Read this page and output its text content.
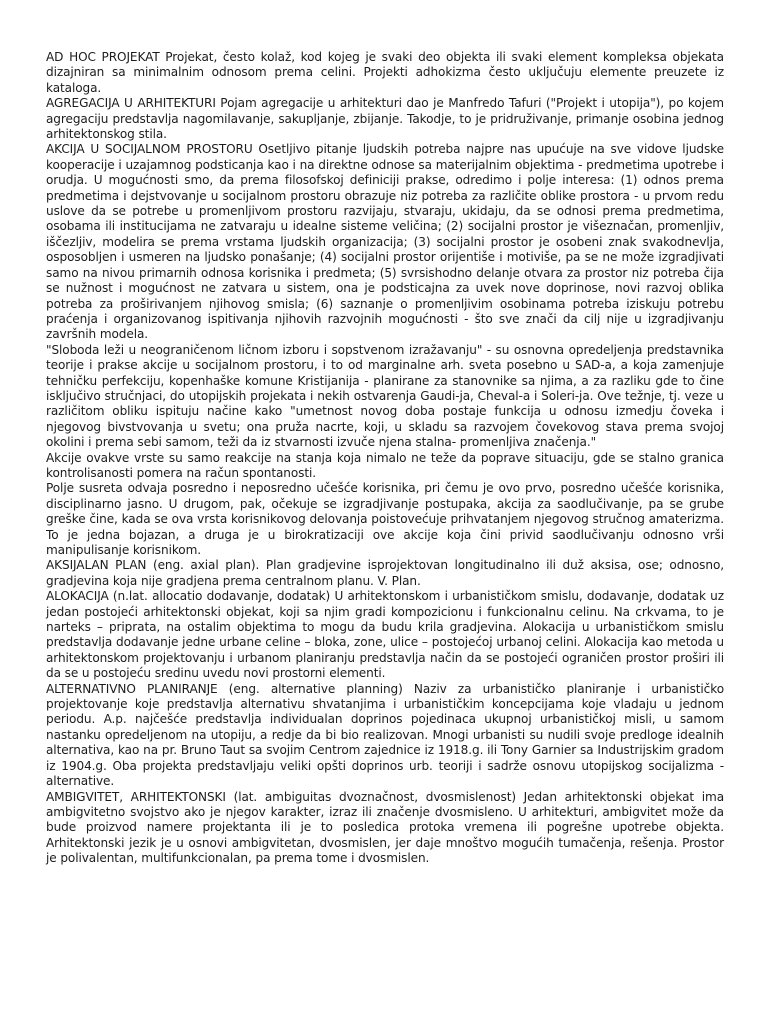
AD HOC PROJEKAT Projekat, često kolaž, kod kojeg je svaki deo objekta ili svaki element kompleksa objekata dizajniran sa minimalnim odnosom prema celini. Projekti adhokizma često uključuju elemente preuzete iz kataloga.

AGREGACIJA U ARHITEKTURI Pojam agregacije u arhitekturi dao je Manfredo Tafuri ("Projekt i utopija"), po kojem agregaciju predstavlja nagomilavanje, sakupljanje, zbijanje. Takodje, to je pridruživanje, primanje osobina jednog arhitektonskog stila.

AKCIJA U SOCIJALNOM PROSTORU Osetljivo pitanje ljudskih potreba najpre nas upućuje na sve vidove ljudske kooperacije i uzajamnog podsticanja kao i na direktne odnose sa materijalnim objektima - predmetima upotrebe i orudja. U mogućnosti smo, da prema filosofskoj definiciji prakse, odredimo i polje interesa: (1) odnos prema predmetima i dejstvovanje u socijalnom prostoru obrazuje niz potreba za različite oblike prostora - u prvom redu uslove da se potrebe u promenljivom prostoru razvijaju, stvaraju, ukidaju, da se odnosi prema predmetima, osobama ili institucijama ne zatvaraju u idealne sisteme veličina; (2) socijalni prostor je višeznačan, promenljiv, iščezljiv, modelira se prema vrstama ljudskih organizacija; (3) socijalni prostor je osobeni znak svakodnevlja, osposobljen i usmeren na ljudsko ponašanje; (4) socijalni prostor orijentiše i motiviše, pa se ne može izgradjivati samo na nivou primarnih odnosa korisnika i predmeta; (5) svrsishodno delanje otvara za prostor niz potreba čija se nužnost i mogućnost ne zatvara u sistem, ona je podsticajna za uvek nove doprinose, novi razvoj oblika potreba za proširivanjem njihovog smisla; (6) saznanje o promenljivim osobinama potreba iziskuju potrebu praćenja i organizovanog ispitivanja njihovih razvojnih mogućnosti - što sve znači da cilj nije u izgradjivanju završnih modela.

"Sloboda leži u neograničenom ličnom izboru i sopstvenom izražavanju" - su osnovna opredeljenja predstavnika teorije i prakse akcije u socijalnom prostoru, i to od marginalne arh. sveta posebno u SAD-a, a koja zamenjuje tehničku perfekciju, kopenhaške komune Kristijanija - planirane za stanovnike sa njima, a za razliku gde to čine isključivo stručnjaci, do utopijskih projekata i nekih ostvarenja Gaudi-ja, Cheval-a i Soleri-ja. Ove težnje, tj. veze u različitom obliku ispituju načine kako "umetnost novog doba postaje funkcija u odnosu izmedju čoveka i njegovog bivstvovanja u svetu; ona pruža nacrte, koji, u skladu sa razvojem čovekovog stava prema svojoj okolini i prema sebi samom, teži da iz stvarnosti izvuče njena stalna- promenljiva značenja."

Akcije ovakve vrste su samo reakcije na stanja koja nimalo ne teže da poprave situaciju, gde se stalno granica kontrolisanosti pomera na račun spontanosti.

Polje susreta odvaja posredno i neposredno učešće korisnika, pri čemu je ovo prvo, posredno učešće korisnika, disciplinarno jasno. U drugom, pak, očekuje se izgradjivanje postupaka, akcija za saodlučivanje, pa se grube greške čine, kada se ova vrsta korisnikovog delovanja poistovećuje prihvatanjem njegovog stručnog amaterizma. To je jedna bojazan, a druga je u birokratizaciji ove akcije koja čini privid saodlučivanju odnosno vrši manipulisanje korisnikom.

AKSIJALAN PLAN (eng. axial plan). Plan gradjevine isprojektovan longitudinalno ili duž aksisa, ose; odnosno, gradjevina koja nije gradjena prema centralnom planu. V. Plan.

ALOKACIJA (n.lat. allocatio dodavanje, dodatak) U arhitektonskom i urbanističkom smislu, dodavanje, dodatak uz jedan postojeći arhitektonski objekat, koji sa njim gradi kompozicionu i funkcionalnu celinu. Na crkvama, to je narteks – pripratа, na ostalim objektima to mogu da budu krila gradjevina. Alokacija u urbanističkom smislu predstavlja dodavanje jedne urbane celine – bloka, zone, ulice – postojećoj urbanoj celini. Alokacija kao metoda u arhitektonskom projektovanju i urbanom planiranju predstavlja način da se postojeći ograničen prostor proširi ili da se u postojeću sredinu uvedu novi prostorni elementi.

ALTERNATIVNO PLANIRANJE (eng. alternative planning) Naziv za urbanističko planiranje i urbanističko projektovanje koje predstavlja alternativu shvatanjima i urbanističkim koncepcijama koje vladaju u jednom periodu. A.p. najčešće predstavlja individualan doprinos pojedinaca ukupnoj urbanističkoj misli, u samom nastanku opredeljenom na utopiju, a redje da bi bio realizovan. Mnogi urbanisti su nudili svoje predloge idealnih alternativa, kao na pr. Bruno Taut sa svojim Centrom zajednice iz 1918.g. ili Tony Garnier sa Industrijskim gradom iz 1904.g. Oba projekta predstavljaju veliki opšti doprinos urb. teoriji i sadrže osnovu utopijskog socijalizma - alternative.

AMBIGVITET, ARHITEKTONSKI (lat. ambiguitas dvoznačnost, dvosmislenost) Jedan arhitektonski objekat ima ambigvitetno svojstvo ako je njegov karakter, izraz ili značenje dvosmisleno. U arhitekturi, ambigvitet može da bude proizvod namere projektanta ili je to posledica protoka vremena ili pogrešne upotrebe objekta. Arhitektonski jezik je u osnovi ambigvitetan, dvosmislen, jer daje mnoštvo mogućih tumačenja, rešenja. Prostor je polivalentan, multifunkcionalan, pa prema tome i dvosmislen.
